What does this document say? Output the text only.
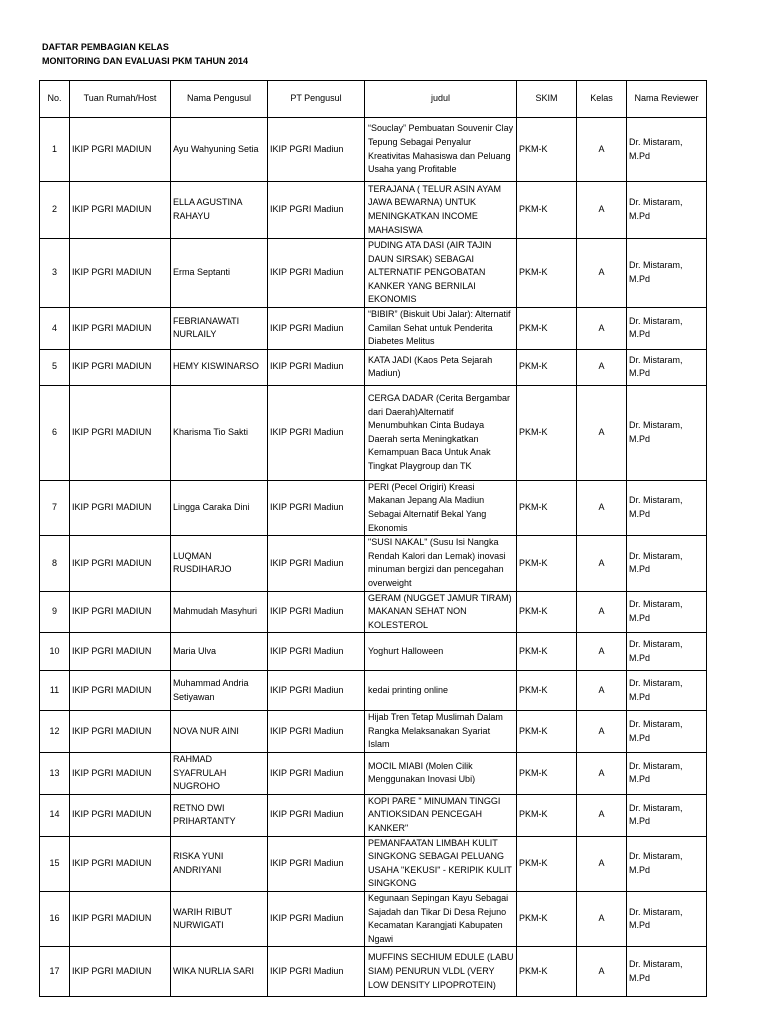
DAFTAR PEMBAGIAN KELAS
MONITORING DAN EVALUASI PKM TAHUN 2014
No.	Tuan Rumah/Host	Nama Pengusul	PT Pengusul	judul	SKIM	Kelas	Nama Reviewer
1	IKIP PGRI MADIUN	Ayu Wahyuning Setia	IKIP PGRI Madiun	“Souclay” Pembuatan Souvenir Clay Tepung Sebagai Penyalur Kreativitas Mahasiswa dan Peluang Usaha yang Profitable	PKM-K	A	Dr. Mistaram, M.Pd
2	IKIP PGRI MADIUN	ELLA AGUSTINA RAHAYU	IKIP PGRI Madiun	TERAJANA ( TELUR ASIN AYAM JAWA BEWARNA) UNTUK MENINGKATKAN INCOME MAHASISWA	PKM-K	A	Dr. Mistaram, M.Pd
3	IKIP PGRI MADIUN	Erma Septanti	IKIP PGRI Madiun	PUDING ATA DASI (AIR TAJIN DAUN SIRSAK) SEBAGAI ALTERNATIF PENGOBATAN KANKER YANG BERNILAI EKONOMIS	PKM-K	A	Dr. Mistaram, M.Pd
4	IKIP PGRI MADIUN	FEBRIANAWATI NURLAILY	IKIP PGRI Madiun	“BIBIR” (Biskuit Ubi Jalar): Alternatif Camilan Sehat untuk Penderita Diabetes Melitus	PKM-K	A	Dr. Mistaram, M.Pd
5	IKIP PGRI MADIUN	HEMY KISWINARSO	IKIP PGRI Madiun	KATA JADI (Kaos Peta Sejarah Madiun)	PKM-K	A	Dr. Mistaram, M.Pd
6	IKIP PGRI MADIUN	Kharisma Tio Sakti	IKIP PGRI Madiun	CERGA DADAR (Cerita Bergambar dari Daerah)Alternatif Menumbuhkan Cinta Budaya Daerah serta Meningkatkan Kemampuan Baca Untuk Anak Tingkat Playgroup dan TK	PKM-K	A	Dr. Mistaram, M.Pd
7	IKIP PGRI MADIUN	Lingga Caraka Dini	IKIP PGRI Madiun	PERI (Pecel Origiri) Kreasi Makanan Jepang Ala Madiun Sebagai Alternatif Bekal Yang Ekonomis	PKM-K	A	Dr. Mistaram, M.Pd
8	IKIP PGRI MADIUN	LUQMAN RUSDIHARJO	IKIP PGRI Madiun	"SUSI NAKAL" (Susu Isi Nangka Rendah Kalori dan Lemak) inovasi minuman bergizi dan pencegahan overweight	PKM-K	A	Dr. Mistaram, M.Pd
9	IKIP PGRI MADIUN	Mahmudah Masyhuri	IKIP PGRI Madiun	GERAM (NUGGET JAMUR TIRAM) MAKANAN SEHAT NON KOLESTEROL	PKM-K	A	Dr. Mistaram, M.Pd
10	IKIP PGRI MADIUN	Maria Ulva	IKIP PGRI Madiun	Yoghurt Halloween	PKM-K	A	Dr. Mistaram, M.Pd
11	IKIP PGRI MADIUN	Muhammad Andria Setiyawan	IKIP PGRI Madiun	kedai printing online	PKM-K	A	Dr. Mistaram, M.Pd
12	IKIP PGRI MADIUN	NOVA NUR AINI	IKIP PGRI Madiun	Hijab Tren Tetap Muslimah Dalam Rangka Melaksanakan Syariat Islam	PKM-K	A	Dr. Mistaram, M.Pd
13	IKIP PGRI MADIUN	RAHMAD SYAFRULAH NUGROHO	IKIP PGRI Madiun	MOCIL MIABI (Molen Cilik Menggunakan Inovasi Ubi)	PKM-K	A	Dr. Mistaram, M.Pd
14	IKIP PGRI MADIUN	RETNO DWI PRIHARTANTY	IKIP PGRI Madiun	KOPI PARE " MINUMAN TINGGI ANTIOKSIDAN PENCEGAH KANKER"	PKM-K	A	Dr. Mistaram, M.Pd
15	IKIP PGRI MADIUN	RISKA YUNI ANDRIYANI	IKIP PGRI Madiun	PEMANFAATAN LIMBAH KULIT SINGKONG SEBAGAI PELUANG USAHA "KEKUSI" - KERIPIK KULIT SINGKONG	PKM-K	A	Dr. Mistaram, M.Pd
16	IKIP PGRI MADIUN	WARIH RIBUT NURWIGATI	IKIP PGRI Madiun	Kegunaan Sepingan Kayu Sebagai Sajadah dan Tikar Di Desa Rejuno Kecamatan Karangjati Kabupaten Ngawi	PKM-K	A	Dr. Mistaram, M.Pd
17	IKIP PGRI MADIUN	WIKA NURLIA SARI	IKIP PGRI Madiun	MUFFINS SECHIUM EDULE (LABU SIAM) PENURUN VLDL (VERY LOW DENSITY LIPOPROTEIN)	PKM-K	A	Dr. Mistaram, M.Pd
